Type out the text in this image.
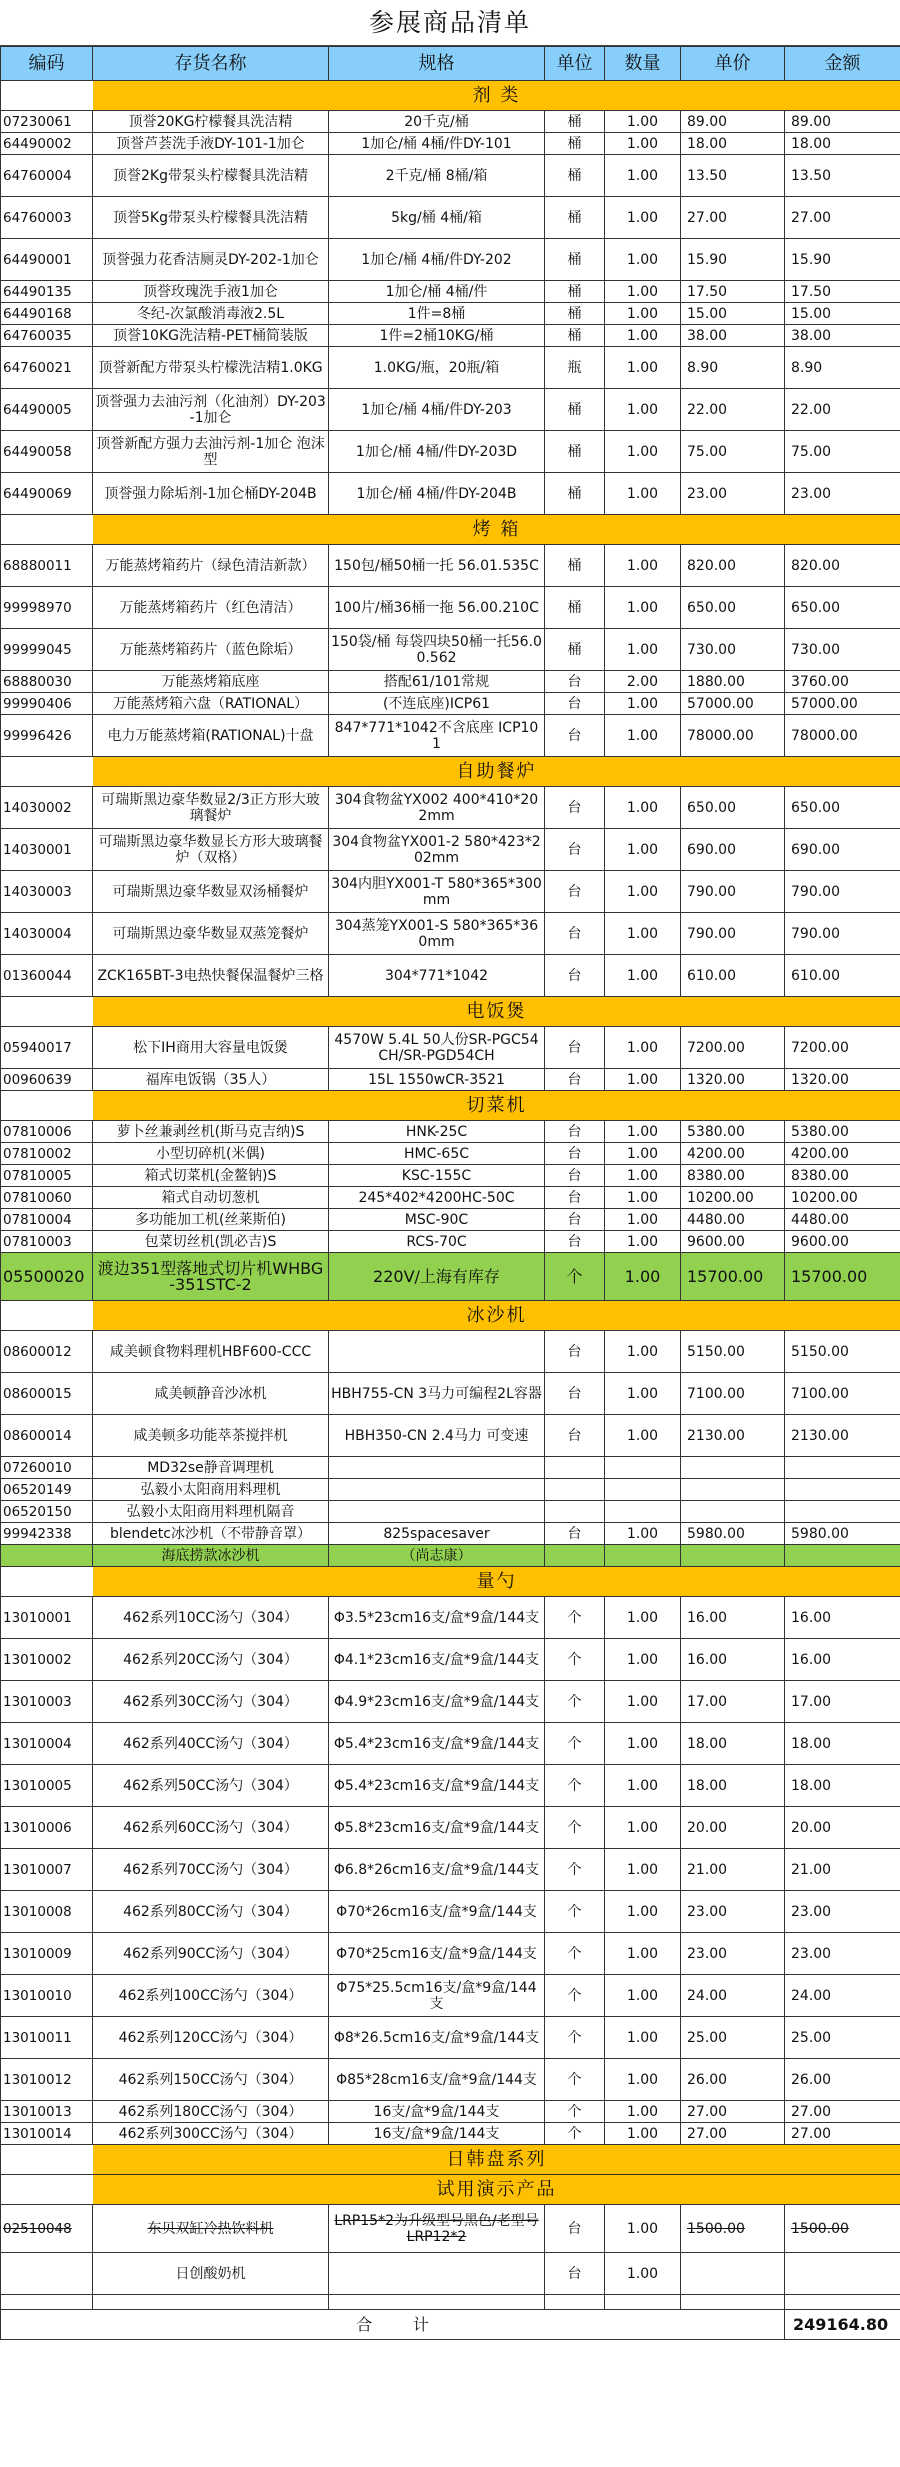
参展商品清单
编码	存货名称	规格	单位	数量	单价	金额
	剂 类					
07230061	顶誉20KG柠檬餐具洗洁精	20千克/桶	桶	1.00	89.00	89.00
64490002	顶誉芦荟洗手液DY-101-1加仑	1加仑/桶 4桶/件DY-101	桶	1.00	18.00	18.00
64760004	顶誉2Kg带泵头柠檬餐具洗洁精	2千克/桶 8桶/箱	桶	1.00	13.50	13.50
64760003	顶誉5Kg带泵头柠檬餐具洗洁精	5kg/桶 4桶/箱	桶	1.00	27.00	27.00
64490001	顶誉强力花香洁厕灵DY-202-1加仑	1加仑/桶 4桶/件DY-202	桶	1.00	15.90	15.90
64490135	顶誉玫瑰洗手液1加仑	1加仑/桶 4桶/件	桶	1.00	17.50	17.50
64490168	冬纪-次氯酸消毒液2.5L	1件=8桶	桶	1.00	15.00	15.00
64760035	顶誉10KG洗洁精-PET桶简装版	1件=2桶10KG/桶	桶	1.00	38.00	38.00
64760021	顶誉新配方带泵头柠檬洗洁精1.0KG	1.0KG/瓶，20瓶/箱	瓶	1.00	8.90	8.90
64490005	顶誉强力去油污剂（化油剂）DY-203-1加仑	1加仑/桶 4桶/件DY-203	桶	1.00	22.00	22.00
64490058	顶誉新配方强力去油污剂-1加仑 泡沫型	1加仑/桶 4桶/件DY-203D	桶	1.00	75.00	75.00
64490069	顶誉强力除垢剂-1加仑桶DY-204B	1加仑/桶 4桶/件DY-204B	桶	1.00	23.00	23.00
	烤 箱					
68880011	万能蒸烤箱药片（绿色清洁新款）	150包/桶50桶一托 56.01.535C	桶	1.00	820.00	820.00
99998970	万能蒸烤箱药片（红色清洁）	100片/桶36桶一拖 56.00.210C	桶	1.00	650.00	650.00
99999045	万能蒸烤箱药片（蓝色除垢）	150袋/桶 每袋四块50桶一托56.00.562	桶	1.00	730.00	730.00
68880030	万能蒸烤箱底座	搭配61/101常规	台	2.00	1880.00	3760.00
99990406	万能蒸烤箱六盘（RATIONAL）	(不连底座)ICP61	台	1.00	57000.00	57000.00
99996426	电力万能蒸烤箱(RATIONAL)十盘	847*771*1042不含底座 ICP101	台	1.00	78000.00	78000.00
	自助餐炉					
14030002	可瑞斯黑边豪华数显2/3正方形大玻璃餐炉	304食物盆YX002 400*410*202mm	台	1.00	650.00	650.00
14030001	可瑞斯黑边豪华数显长方形大玻璃餐炉（双格）	304食物盆YX001-2 580*423*202mm	台	1.00	690.00	690.00
14030003	可瑞斯黑边豪华数显双汤桶餐炉	304内胆YX001-T 580*365*300mm	台	1.00	790.00	790.00
14030004	可瑞斯黑边豪华数显双蒸笼餐炉	304蒸笼YX001-S 580*365*360mm	台	1.00	790.00	790.00
01360044	ZCK165BT-3电热快餐保温餐炉三格	304*771*1042	台	1.00	610.00	610.00
	电饭煲					
05940017	松下IH商用大容量电饭煲	4570W 5.4L 50人份SR-PGC54CH/SR-PGD54CH	台	1.00	7200.00	7200.00
00960639	福库电饭锅（35人）	15L 1550wCR-3521	台	1.00	1320.00	1320.00
	切菜机					
07810006	萝卜丝兼剥丝机(斯马克吉纳)S	HNK-25C	台	1.00	5380.00	5380.00
07810002	小型切碎机(米偶)	HMC-65C	台	1.00	4200.00	4200.00
07810005	箱式切菜机(金鳌钠)S	KSC-155C	台	1.00	8380.00	8380.00
07810060	箱式自动切葱机	245*402*4200HC-50C	台	1.00	10200.00	10200.00
07810004	多功能加工机(丝莱斯伯)	MSC-90C	台	1.00	4480.00	4480.00
07810003	包菜切丝机(凯必吉)S	RCS-70C	台	1.00	9600.00	9600.00
05500020	渡边351型落地式切片机WHBG-351STC-2	220V/上海有库存	个	1.00	15700.00	15700.00
	冰沙机					
08600012	咸美顿食物料理机HBF600-CCC		台	1.00	5150.00	5150.00
08600015	咸美顿静音沙冰机	HBH755-CN 3马力可编程2L容器	台	1.00	7100.00	7100.00
08600014	咸美顿多功能萃茶搅拌机	HBH350-CN 2.4马力 可变速	台	1.00	2130.00	2130.00
07260010	MD32se静音调理机					
06520149	弘毅小太阳商用料理机					
06520150	弘毅小太阳商用料理机隔音					
99942338	blendetc冰沙机（不带静音罩）	825spacesaver	台	1.00	5980.00	5980.00
	海底捞款冰沙机	（尚志康）				
	量勺					
13010001	462系列10CC汤勺（304）	Φ3.5*23cm16支/盒*9盒/144支	个	1.00	16.00	16.00
13010002	462系列20CC汤勺（304）	Φ4.1*23cm16支/盒*9盒/144支	个	1.00	16.00	16.00
13010003	462系列30CC汤勺（304）	Φ4.9*23cm16支/盒*9盒/144支	个	1.00	17.00	17.00
13010004	462系列40CC汤勺（304）	Φ5.4*23cm16支/盒*9盒/144支	个	1.00	18.00	18.00
13010005	462系列50CC汤勺（304）	Φ5.4*23cm16支/盒*9盒/144支	个	1.00	18.00	18.00
13010006	462系列60CC汤勺（304）	Φ5.8*23cm16支/盒*9盒/144支	个	1.00	20.00	20.00
13010007	462系列70CC汤勺（304）	Φ6.8*26cm16支/盒*9盒/144支	个	1.00	21.00	21.00
13010008	462系列80CC汤勺（304）	Φ70*26cm16支/盒*9盒/144支	个	1.00	23.00	23.00
13010009	462系列90CC汤勺（304）	Φ70*25cm16支/盒*9盒/144支	个	1.00	23.00	23.00
13010010	462系列100CC汤勺（304）	Φ75*25.5cm16支/盒*9盒/144支	个	1.00	24.00	24.00
13010011	462系列120CC汤勺（304）	Φ8*26.5cm16支/盒*9盒/144支	个	1.00	25.00	25.00
13010012	462系列150CC汤勺（304）	Φ85*28cm16支/盒*9盒/144支	个	1.00	26.00	26.00
13010013	462系列180CC汤勺（304）	16支/盒*9盒/144支	个	1.00	27.00	27.00
13010014	462系列300CC汤勺（304）	16支/盒*9盒/144支	个	1.00	27.00	27.00
	日韩盘系列					
	试用演示产品					
02510048	东贝双缸冷热饮料机	LRP15*2为升级型号黑色/老型号LRP12*2	台	1.00	1500.00	1500.00
	日创酸奶机		台	1.00		

合        计						249164.80
